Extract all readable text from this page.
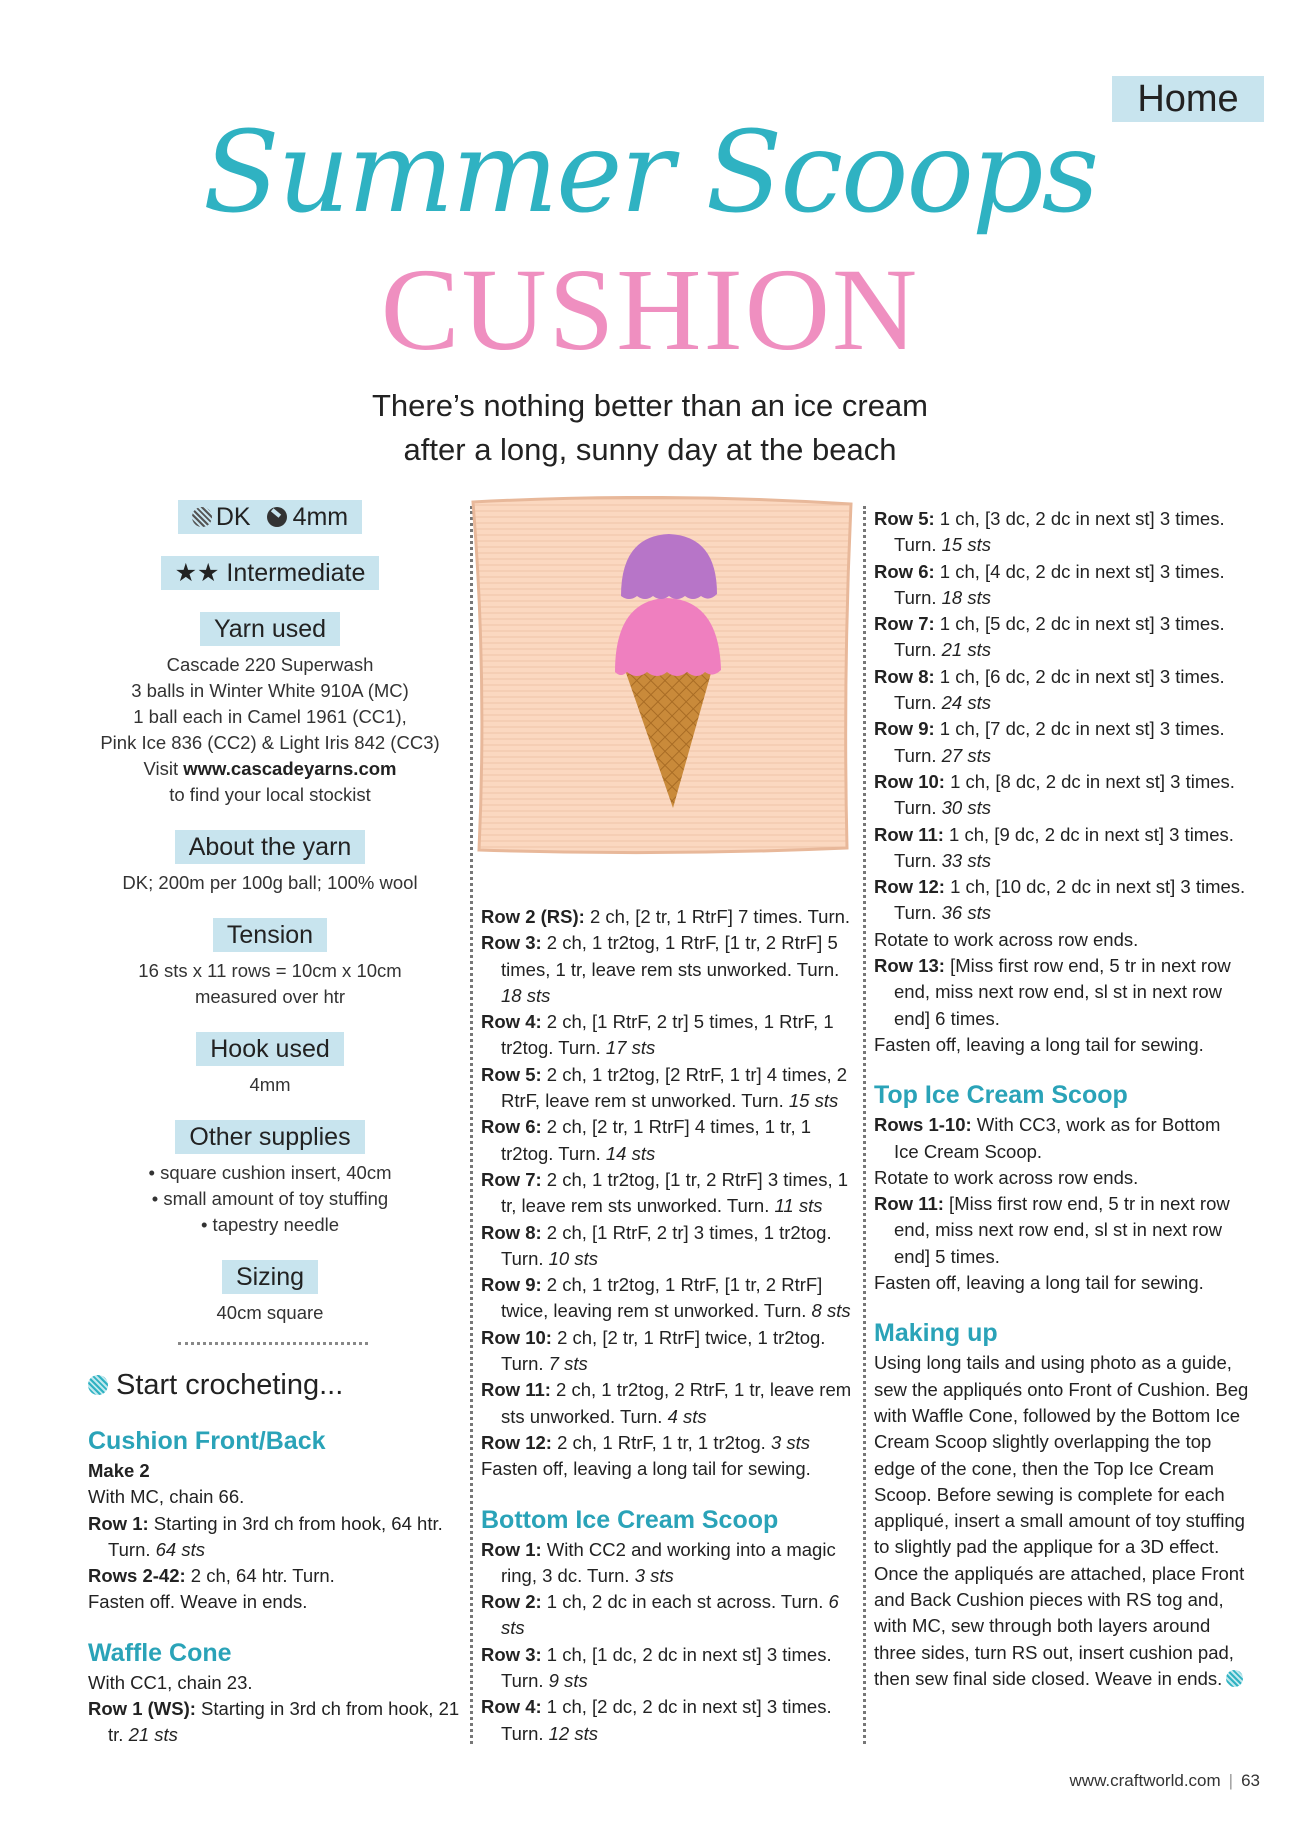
Home
Summer Scoops
CUSHION
There’s nothing better than an ice cream
after a long, sunny day at the beach
DK 4mm
★★ Intermediate
Yarn used
Cascade 220 Superwash
3 balls in Winter White 910A (MC)
1 ball each in Camel 1961 (CC1),
Pink Ice 836 (CC2) & Light Iris 842 (CC3)
Visit www.cascadeyarns.com
to find your local stockist
About the yarn
DK; 200m per 100g ball; 100% wool
Tension
16 sts x 11 rows = 10cm x 10cm
measured over htr
Hook used
4mm
Other supplies
• square cushion insert, 40cm
• small amount of toy stuffing
• tapestry needle
Sizing
40cm square
Start crocheting...
Cushion Front/Back

Make 2

With MC, chain 66.

Row 1: Starting in 3rd ch from hook, 64 htr. Turn. 64 sts

Rows 2-42: 2 ch, 64 htr. Turn.

Fasten off. Weave in ends.

Waffle Cone

With CC1, chain 23.

Row 1 (WS): Starting in 3rd ch from hook, 21 tr. 21 sts

Row 2 (RS): 2 ch, [2 tr, 1 RtrF] 7 times. Turn.

Row 3: 2 ch, 1 tr2tog, 1 RtrF, [1 tr, 2 RtrF] 5 times, 1 tr, leave rem sts unworked. Turn. 18 sts

Row 4: 2 ch, [1 RtrF, 2 tr] 5 times, 1 RtrF, 1 tr2tog. Turn. 17 sts

Row 5: 2 ch, 1 tr2tog, [2 RtrF, 1 tr] 4 times, 2 RtrF, leave rem st unworked. Turn. 15 sts

Row 6: 2 ch, [2 tr, 1 RtrF] 4 times, 1 tr, 1 tr2tog. Turn. 14 sts

Row 7: 2 ch, 1 tr2tog, [1 tr, 2 RtrF] 3 times, 1 tr, leave rem sts unworked. Turn. 11 sts

Row 8: 2 ch, [1 RtrF, 2 tr] 3 times, 1 tr2tog. Turn. 10 sts

Row 9: 2 ch, 1 tr2tog, 1 RtrF, [1 tr, 2 RtrF] twice, leaving rem st unworked. Turn. 8 sts

Row 10: 2 ch, [2 tr, 1 RtrF] twice, 1 tr2tog. Turn. 7 sts

Row 11: 2 ch, 1 tr2tog, 2 RtrF, 1 tr, leave rem sts unworked. Turn. 4 sts

Row 12: 2 ch, 1 RtrF, 1 tr, 1 tr2tog. 3 sts

Fasten off, leaving a long tail for sewing.

Bottom Ice Cream Scoop

Row 1: With CC2 and working into a magic ring, 3 dc. Turn. 3 sts

Row 2: 1 ch, 2 dc in each st across. Turn. 6 sts

Row 3: 1 ch, [1 dc, 2 dc in next st] 3 times. Turn. 9 sts

Row 4: 1 ch, [2 dc, 2 dc in next st] 3 times. Turn. 12 sts

Row 5: 1 ch, [3 dc, 2 dc in next st] 3 times. Turn. 15 sts

Row 6: 1 ch, [4 dc, 2 dc in next st] 3 times. Turn. 18 sts

Row 7: 1 ch, [5 dc, 2 dc in next st] 3 times. Turn. 21 sts

Row 8: 1 ch, [6 dc, 2 dc in next st] 3 times. Turn. 24 sts

Row 9: 1 ch, [7 dc, 2 dc in next st] 3 times. Turn. 27 sts

Row 10: 1 ch, [8 dc, 2 dc in next st] 3 times. Turn. 30 sts

Row 11: 1 ch, [9 dc, 2 dc in next st] 3 times. Turn. 33 sts

Row 12: 1 ch, [10 dc, 2 dc in next st] 3 times. Turn. 36 sts

Rotate to work across row ends.

Row 13: [Miss first row end, 5 tr in next row end, miss next row end, sl st in next row end] 6 times.

Fasten off, leaving a long tail for sewing.

Top Ice Cream Scoop

Rows 1-10: With CC3, work as for Bottom Ice Cream Scoop.

Rotate to work across row ends.

Row 11: [Miss first row end, 5 tr in next row end, miss next row end, sl st in next row end] 5 times.

Fasten off, leaving a long tail for sewing.

Making up

Using long tails and using photo as a guide, sew the appliqués onto Front of Cushion. Beg with Waffle Cone, followed by the Bottom Ice Cream Scoop slightly overlapping the top edge of the cone, then the Top Ice Cream Scoop. Before sewing is complete for each appliqué, insert a small amount of toy stuffing to slightly pad the applique for a 3D effect. Once the appliqués are attached, place Front and Back Cushion pieces with RS tog and, with MC, sew through both layers around three sides, turn RS out, insert cushion pad, then sew final side closed. Weave in ends.

www.craftworld.com | 63
